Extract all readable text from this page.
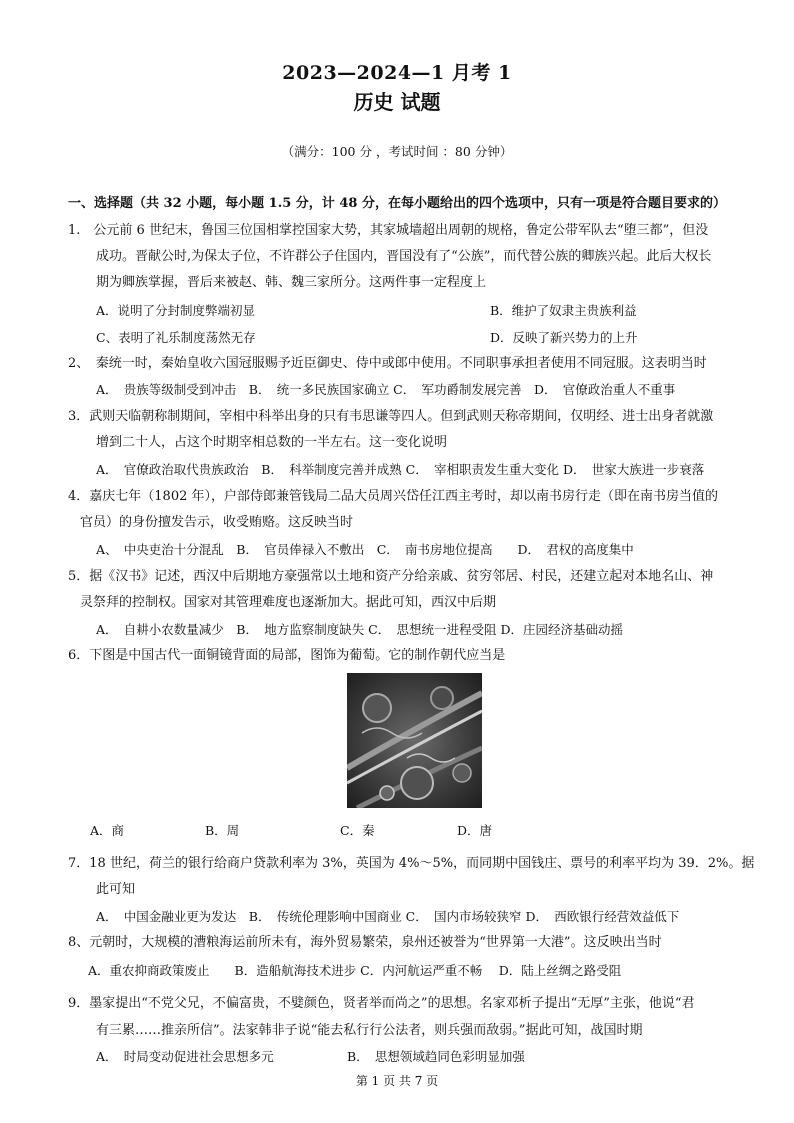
2023—2024—1 月考 1
历史 试题
（满分：100 分 ，考试时间 ：80 分钟）
一、选择题（共 32 小题，每小题 1.5 分，计 48 分，在每小题给出的四个选项中，只有一项是符合题目要求的）
1.　公元前 6 世纪末，鲁国三位国相掌控国家大势，其家城墙超出周朝的规格，鲁定公带军队去“堕三都”，但没
成功。晋献公时,为保太子位，不许群公子住国内，晋国没有了“公族”，而代替公族的卿族兴起。此后大权长
期为卿族掌握，晋后来被赵、韩、魏三家所分。这两件事一定程度上
A．说明了分封制度弊端初显	B．维护了奴隶主贵族利益
C、表明了礼乐制度荡然无存	D．反映了新兴势力的上升
2、　秦统一时，秦始皇收六国冠服赐予近臣御史、侍中或郎中使用。不同职事承担者使用不同冠服。这表明当时
A．　贵族等级制受到冲击　B．　统一多民族国家确立 C．　军功爵制发展完善　D．　官僚政治重人不重事
3．武则天临朝称制期间，宰相中科举出身的只有韦思谦等四人。但到武则天称帝期间，仅明经、进士出身者就激
增到二十人，占这个时期宰相总数的一半左右。这一变化说明
A．　官僚政治取代贵族政治　B．　科举制度完善并成熟 C．　宰相职责发生重大变化 D．　世家大族进一步衰落
4．嘉庆七年（1802 年），户部侍郎兼管钱局二品大员周兴岱任江西主考时，却以南书房行走（即在南书房当值的
官员）的身份擅发告示，收受贿赂。这反映当时
A、　中央吏治十分混乱　B．　官员俸禄入不敷出　C．　南书房地位提高　　D．　君权的高度集中
5．据《汉书》记述，西汉中后期地方豪强常以土地和资产分给亲戚、贫穷邻居、村民，还建立起对本地名山、神
灵祭拜的控制权。国家对其管理难度也逐渐加大。据此可知，西汉中后期
A．　自耕小农数量减少　B．　地方监察制度缺失 C．　思想统一进程受阻 D．庄园经济基础动摇
6．下图是中国古代一面铜镜背面的局部，图饰为葡萄。它的制作朝代应当是
A．商	B．周	C．秦	D．唐
7．18 世纪，荷兰的银行给商户贷款利率为 3%，英国为 4%～5%，而同期中国钱庄、票号的利率平均为 39．2%。据
此可知
A．　中国金融业更为发达　B．　传统伦理影响中国商业 C．　国内市场较狭窄 D．　西欧银行经营效益低下
8、元朝时，大规模的漕粮海运前所未有，海外贸易繁荣，泉州还被誉为“世界第一大港”。这反映出当时
A．重农抑商政策废止　　B．造船航海技术进步 C．内河航运严重不畅　 D．陆上丝绸之路受阻
9．墨家提出“不党父兄，不偏富贵，不嬖颜色，贤者举而尚之”的思想。名家邓析子提出“无厚”主张，他说“君
有三累……推亲所信”。法家韩非子说“能去私行行公法者，则兵强而敌弱。”据此可知，战国时期
A．　时局变动促进社会思想多元	B．　思想领域趋同色彩明显加强
第 1 页 共 7 页
